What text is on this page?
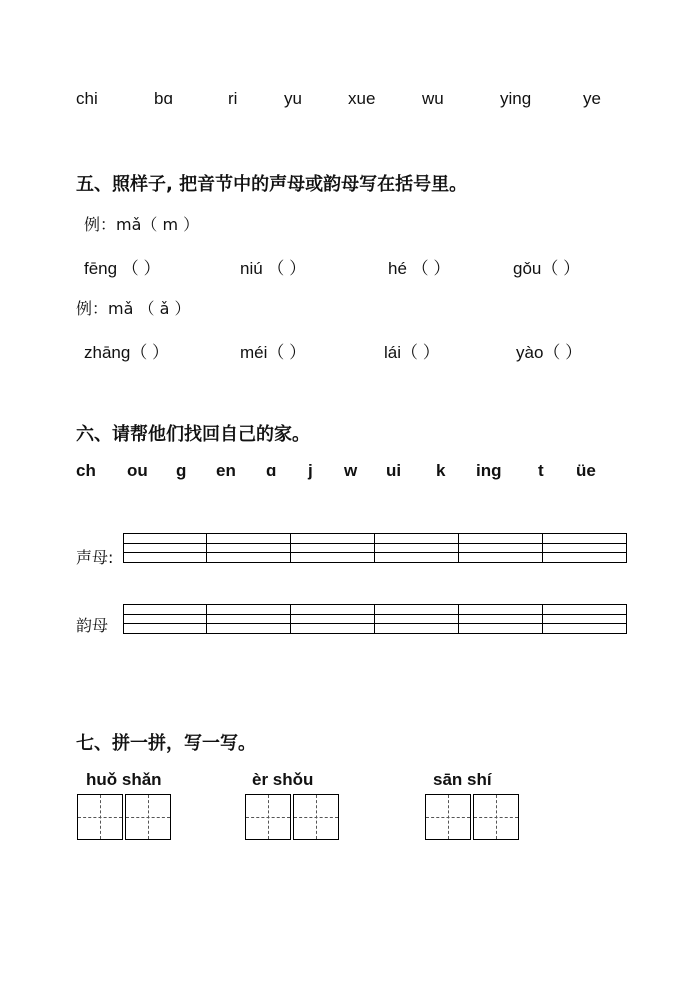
chi	bɑ	ri	yu	xue	wu	yinɡ	ye
五、照样子, 把音节中的声母或韵母写在括号里。
例：mǎ（ m ）
fēnɡ （ ）	niú （ ）	hé （ ）	ɡǒu（ ）
例：mǎ （ ǎ ）
zhānɡ（ ）	méi（ ）	lái（ ）	yào（ ）
六、请帮他们找回自己的家。
ch ou ɡ en ɑ j w ui k ing t üe
声母:
韵母
七、拼一拼，写一写。
huǒ shǎn	èr shǒu	sān shí
